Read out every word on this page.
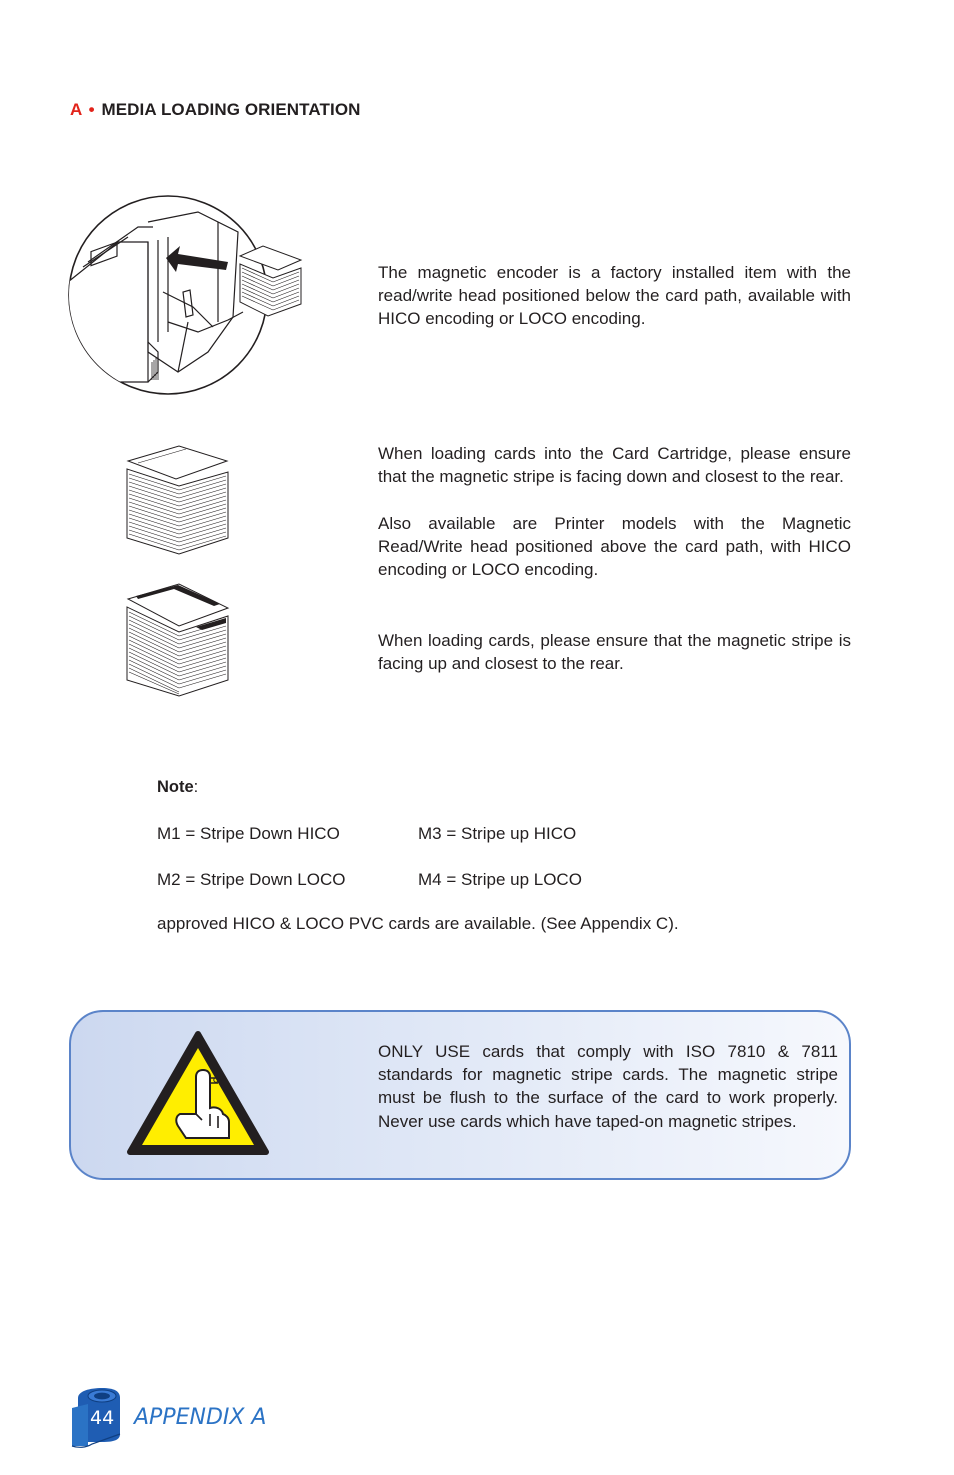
A • MEDIA LOADING ORIENTATION
The magnetic encoder is a factory installed item with the read/write head positioned below the card path, available with HICO encoding or LOCO encoding.
When loading cards into the Card Cartridge, please ensure that the magnetic stripe is facing down and closest to the rear.
Also available are Printer models with the Magnetic Read/Write head positioned above the card path, with HICO encoding or LOCO encoding.
When loading cards, please ensure that the magnetic stripe is facing up and closest to the rear.
Note:
M1 = Stripe Down HICO	M3 = Stripe up HICO
M2 = Stripe Down LOCO	M4 = Stripe up LOCO
approved HICO & LOCO PVC cards are available. (See Appendix C).
ONLY USE cards that comply with ISO 7810 & 7811 standards for magnetic stripe cards. The magnetic stripe must be flush to the surface of the card to work properly. Never use cards which have taped-on magnetic stripes.
44 APPENDIX A
